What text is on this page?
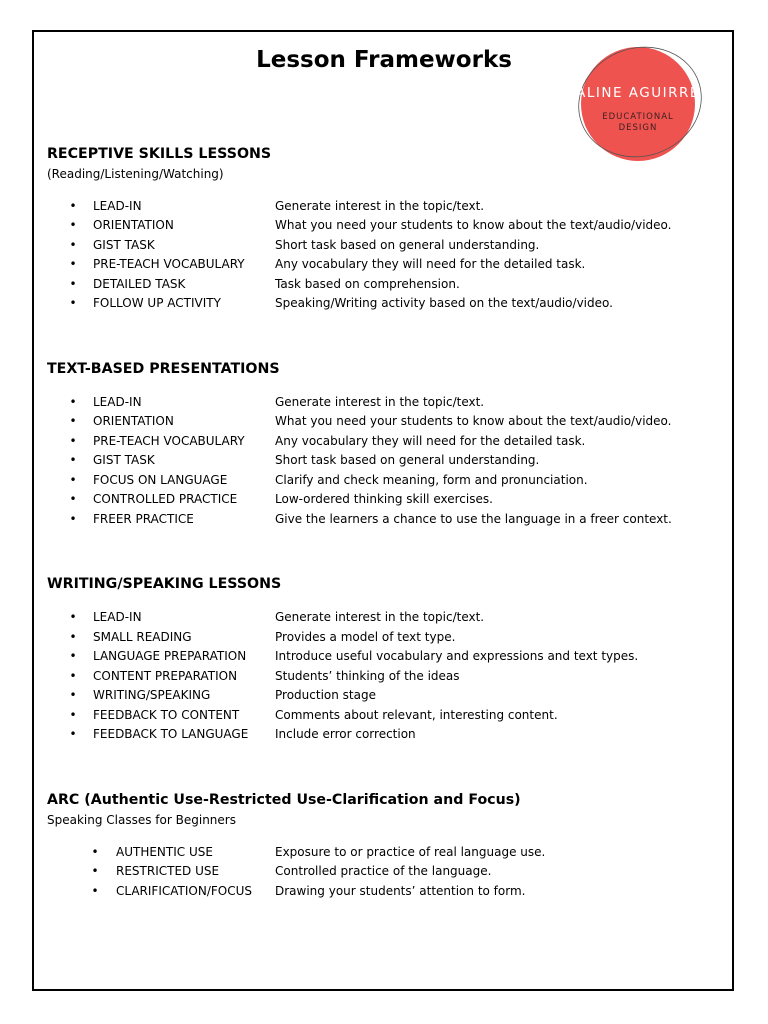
Lesson Frameworks
ALINE AGUIRRE
EDUCATIONAL
DESIGN
RECEPTIVE SKILLS LESSONS
(Reading/Listening/Watching)
• LEAD-IN	Generate interest in the topic/text.
• ORIENTATION	What you need your students to know about the text/audio/video.
• GIST TASK	Short task based on general understanding.
• PRE-TEACH VOCABULARY	Any vocabulary they will need for the detailed task.
• DETAILED TASK	Task based on comprehension.
• FOLLOW UP ACTIVITY	Speaking/Writing activity based on the text/audio/video.
TEXT-BASED PRESENTATIONS
• LEAD-IN	Generate interest in the topic/text.
• ORIENTATION	What you need your students to know about the text/audio/video.
• PRE-TEACH VOCABULARY	Any vocabulary they will need for the detailed task.
• GIST TASK	Short task based on general understanding.
• FOCUS ON LANGUAGE	Clarify and check meaning, form and pronunciation.
• CONTROLLED PRACTICE	Low-ordered thinking skill exercises.
• FREER PRACTICE	Give the learners a chance to use the language in a freer context.
WRITING/SPEAKING LESSONS
• LEAD-IN	Generate interest in the topic/text.
• SMALL READING	Provides a model of text type.
• LANGUAGE PREPARATION Introduce useful vocabulary and expressions and text types.
• CONTENT PREPARATION	Students’ thinking of the ideas
• WRITING/SPEAKING	Production stage
• FEEDBACK TO CONTENT	Comments about relevant, interesting content.
• FEEDBACK TO LANGUAGE Include error correction
ARC (Authentic Use-Restricted Use-Clarification and Focus)
Speaking Classes for Beginners
• AUTHENTIC USE	Exposure to or practice of real language use.
• RESTRICTED USE	Controlled practice of the language.
• CLARIFICATION/FOCUS Drawing your students’ attention to form.
